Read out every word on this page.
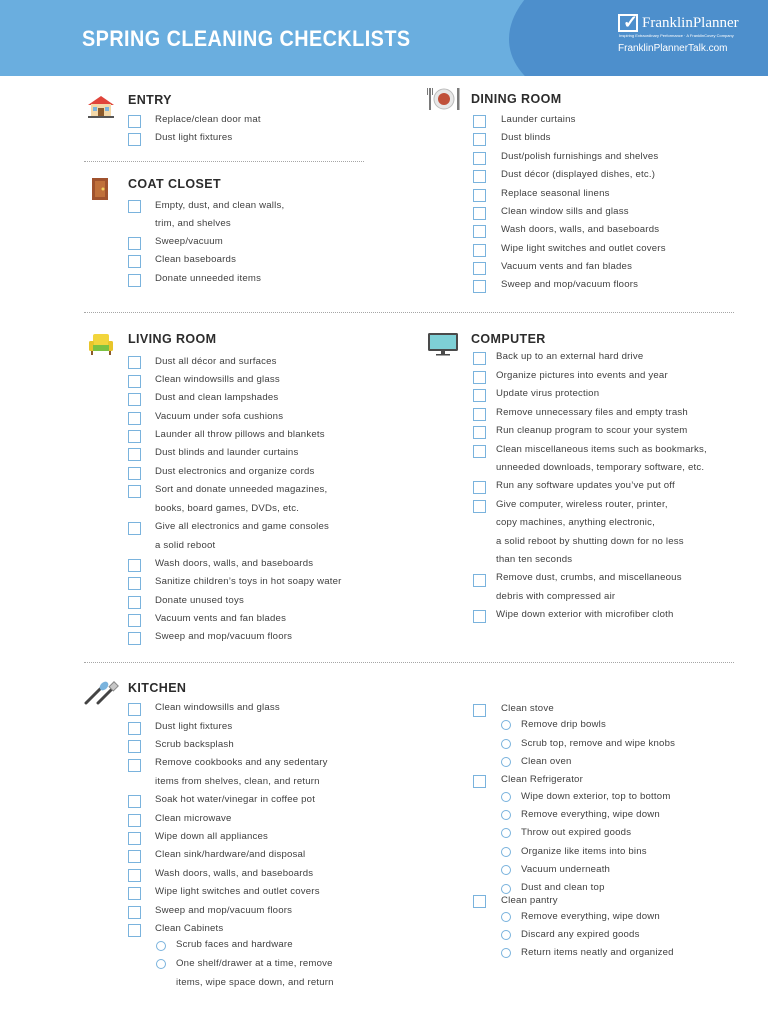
SPRING CLEANING CHECKLISTS
✓ FranklinPlanner
Inspiring Extraordinary Performance · A FranklinCovey Company
FranklinPlannerTalk.com
ENTRY
Replace/clean door mat
Dust light fixtures
COAT CLOSET
Empty, dust, and clean walls,
trim, and shelves
Sweep/vacuum
Clean baseboards
Donate unneeded items
DINING ROOM
Launder curtains
Dust blinds
Dust/polish furnishings and shelves
Dust décor (displayed dishes, etc.)
Replace seasonal linens
Clean window sills and glass
Wash doors, walls, and baseboards
Wipe light switches and outlet covers
Vacuum vents and fan blades
Sweep and mop/vacuum floors
LIVING ROOM
Dust all décor and surfaces
Clean windowsills and glass
Dust and clean lampshades
Vacuum under sofa cushions
Launder all throw pillows and blankets
Dust blinds and launder curtains
Dust electronics and organize cords
Sort and donate unneeded magazines,
books, board games, DVDs, etc.
Give all electronics and game consoles
a solid reboot
Wash doors, walls, and baseboards
Sanitize children’s toys in hot soapy water
Donate unused toys
Vacuum vents and fan blades
Sweep and mop/vacuum floors
COMPUTER
Back up to an external hard drive
Organize pictures into events and year
Update virus protection
Remove unnecessary files and empty trash
Run cleanup program to scour your system
Clean miscellaneous items such as bookmarks,
unneeded downloads, temporary software, etc.
Run any software updates you’ve put off
Give computer, wireless router, printer,
copy machines, anything electronic,
a solid reboot by shutting down for no less
than ten seconds
Remove dust, crumbs, and miscellaneous
debris with compressed air
Wipe down exterior with microfiber cloth
KITCHEN
Clean windowsills and glass
Dust light fixtures
Scrub backsplash
Remove cookbooks and any sedentary
items from shelves, clean, and return
Soak hot water/vinegar in coffee pot
Clean microwave
Wipe down all appliances
Clean sink/hardware/and disposal
Wash doors, walls, and baseboards
Wipe light switches and outlet covers
Sweep and mop/vacuum floors
Clean Cabinets
Scrub faces and hardware
One shelf/drawer at a time, remove
items, wipe space down, and return
Clean stove
Remove drip bowls
Scrub top, remove and wipe knobs
Clean oven
Clean Refrigerator
Wipe down exterior, top to bottom
Remove everything, wipe down
Throw out expired goods
Organize like items into bins
Vacuum underneath
Dust and clean top
Clean pantry
Remove everything, wipe down
Discard any expired goods
Return items neatly and organized
